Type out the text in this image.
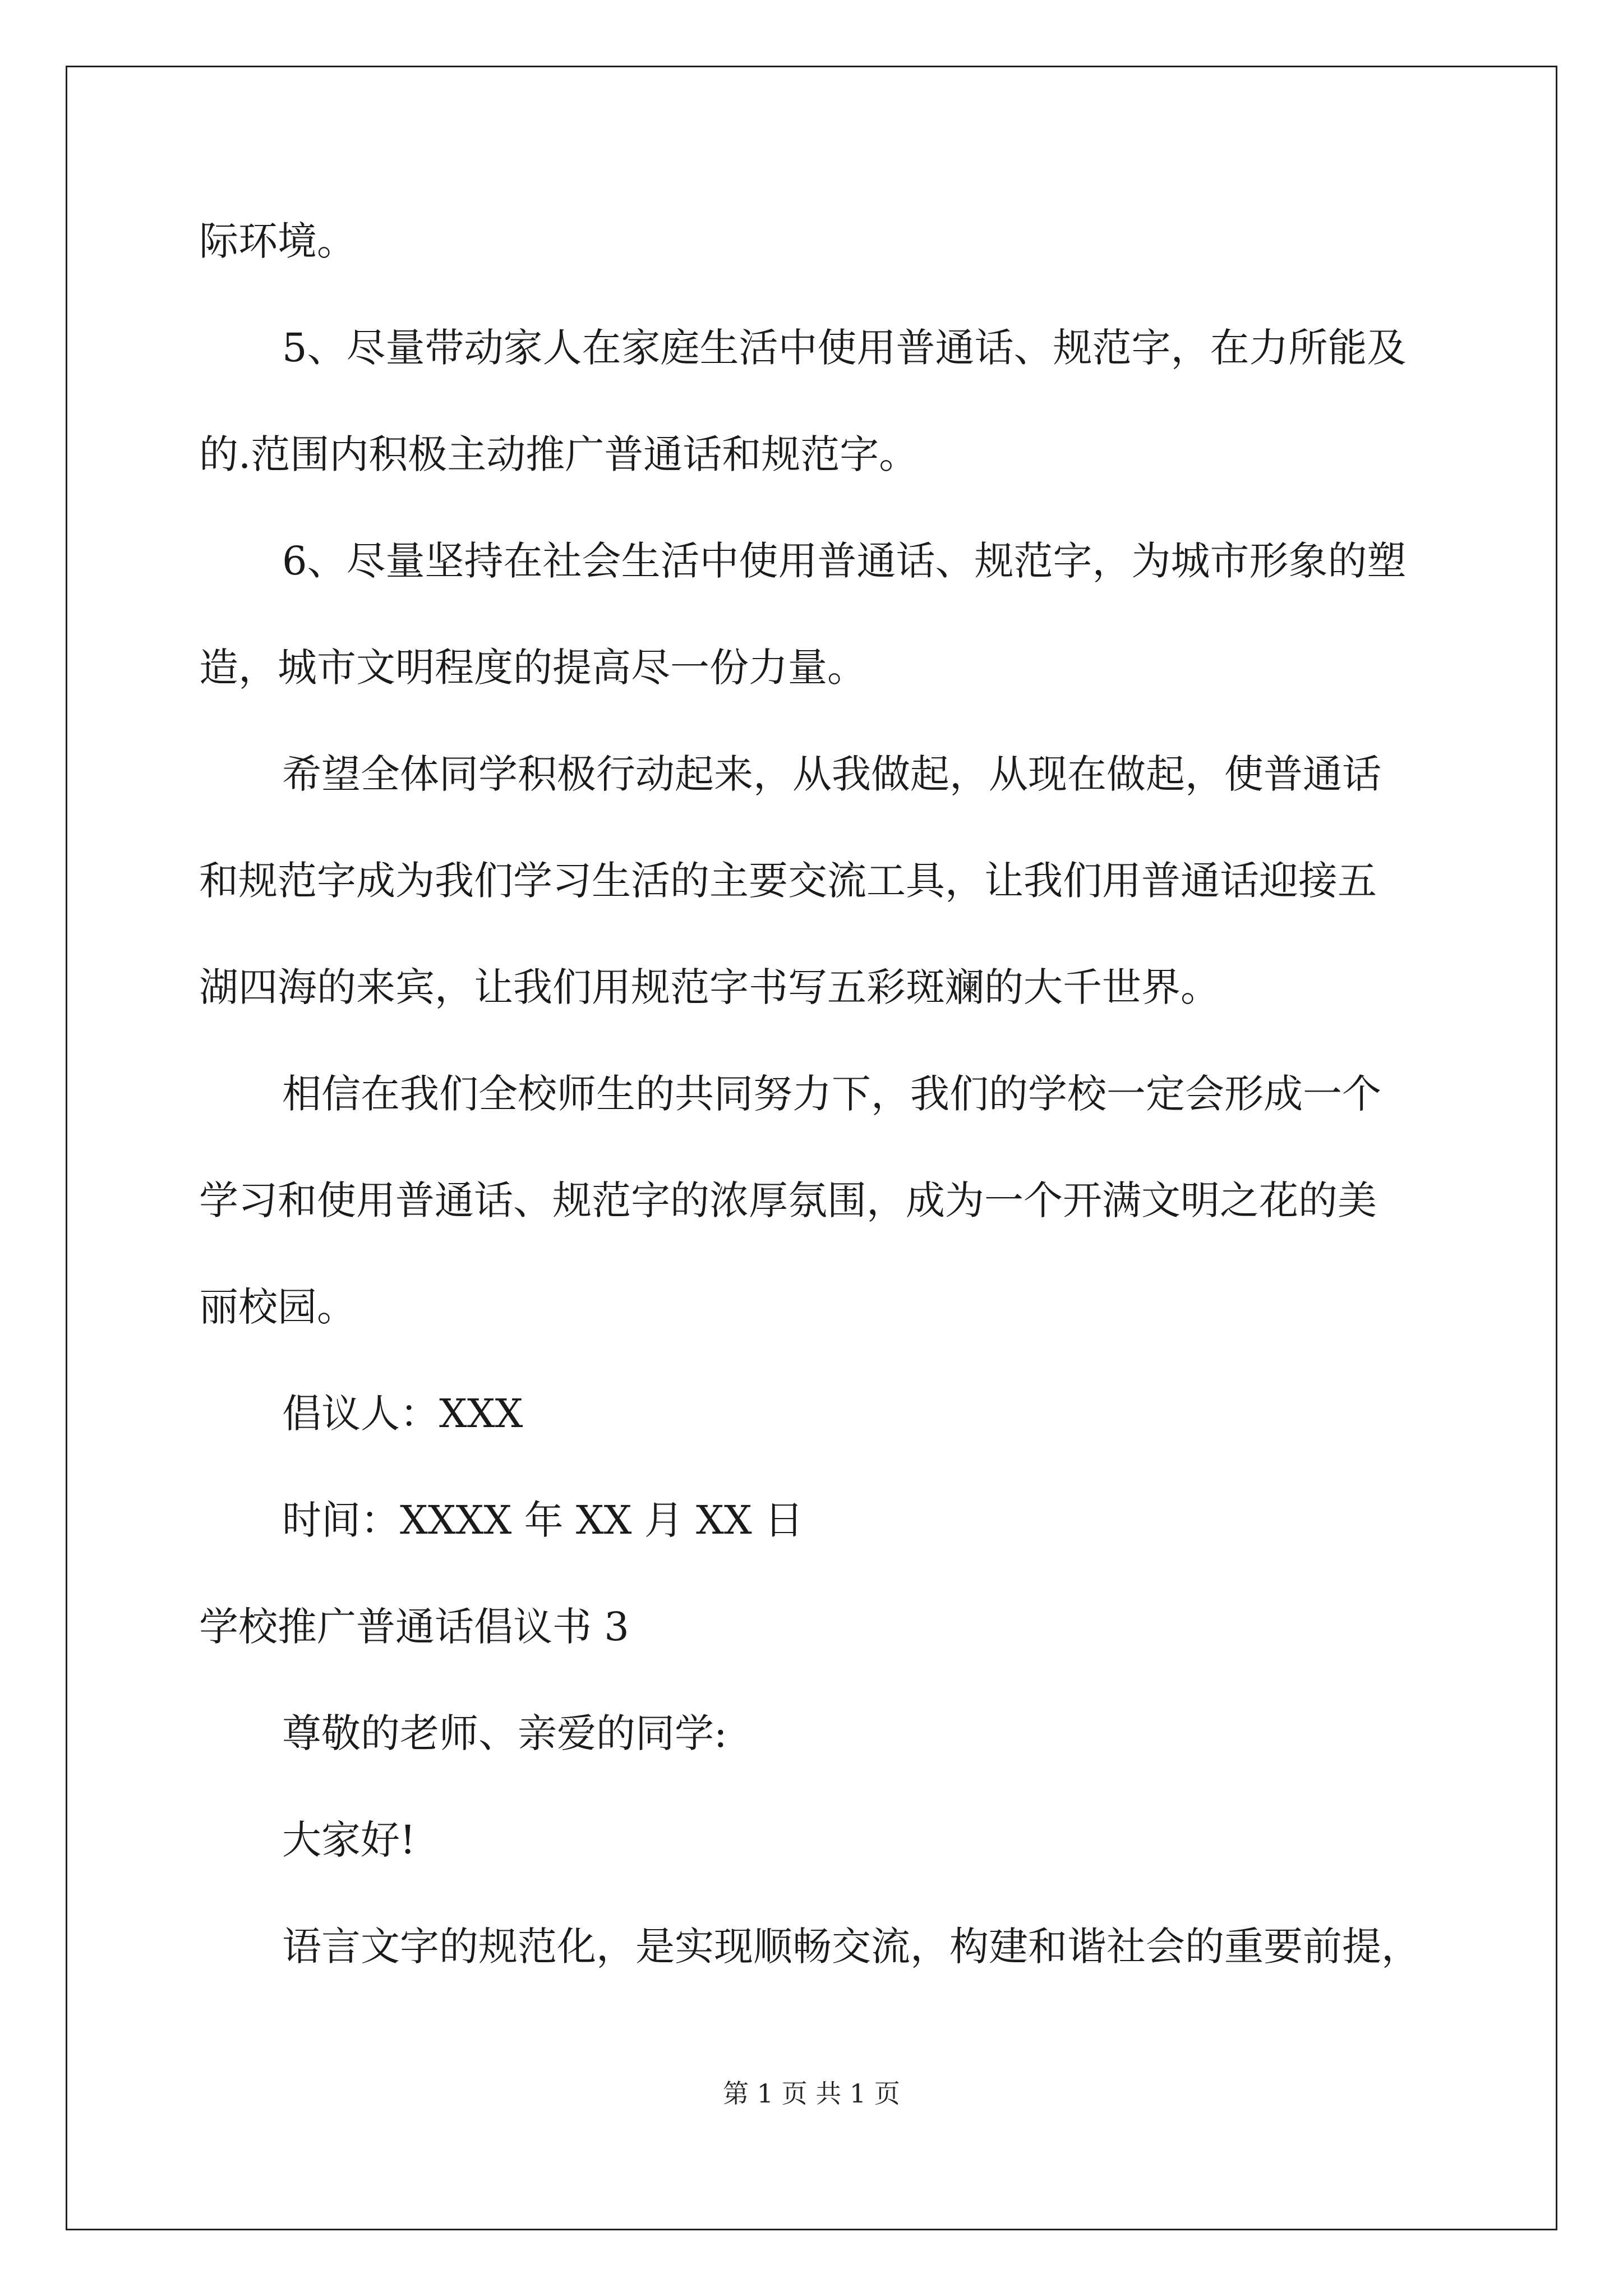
际环境。
5、尽量带动家人在家庭生活中使用普通话、规范字，在力所能及
的.范围内积极主动推广普通话和规范字。
6、尽量坚持在社会生活中使用普通话、规范字，为城市形象的塑
造，城市文明程度的提高尽一份力量。
希望全体同学积极行动起来，从我做起，从现在做起，使普通话
和规范字成为我们学习生活的主要交流工具，让我们用普通话迎接五
湖四海的来宾，让我们用规范字书写五彩斑斓的大千世界。
相信在我们全校师生的共同努力下，我们的学校一定会形成一个
学习和使用普通话、规范字的浓厚氛围，成为一个开满文明之花的美
丽校园。
倡议人：XXX
时间：XXXX 年 XX 月 XX 日
学校推广普通话倡议书 3
尊敬的老师、亲爱的同学:
大家好!
语言文字的规范化，是实现顺畅交流，构建和谐社会的重要前提，
第 1 页 共 1 页
